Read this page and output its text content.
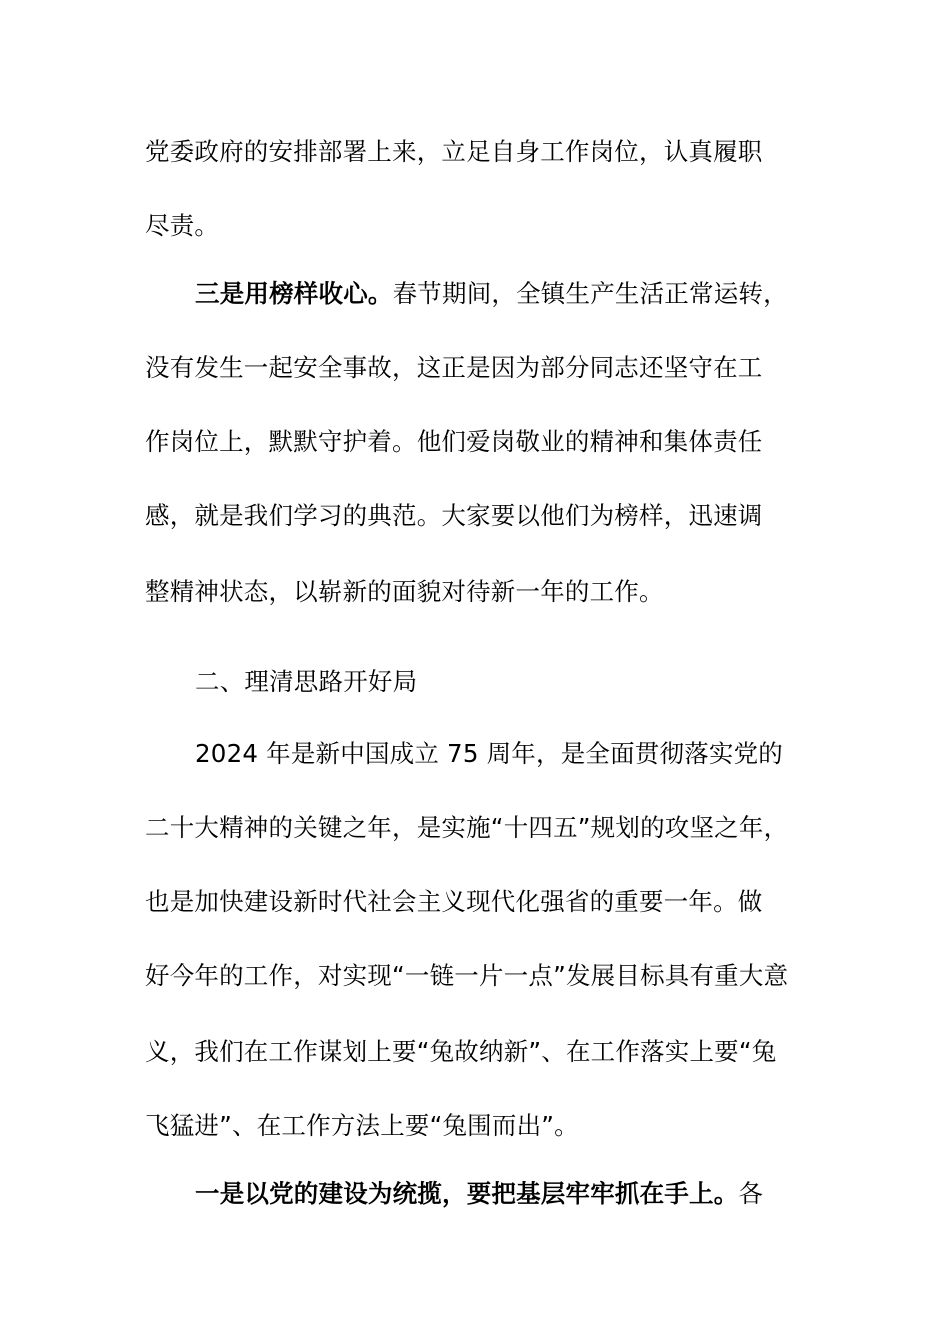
党委政府的安排部署上来，立足自身工作岗位，认真履职
尽责。
三是用榜样收心。春节期间，全镇生产生活正常运转，
没有发生一起安全事故，这正是因为部分同志还坚守在工
作岗位上，默默守护着。他们爱岗敬业的精神和集体责任
感，就是我们学习的典范。大家要以他们为榜样，迅速调
整精神状态，以崭新的面貌对待新一年的工作。
二、理清思路开好局
2024 年是新中国成立 75 周年，是全面贯彻落实党的
二十大精神的关键之年，是实施“十四五”规划的攻坚之年，
也是加快建设新时代社会主义现代化强省的重要一年。做
好今年的工作，对实现“一链一片一点”发展目标具有重大意
义，我们在工作谋划上要“兔故纳新”、在工作落实上要“兔
飞猛进”、在工作方法上要“兔围而出”。
一是以党的建设为统揽，要把基层牢牢抓在手上。各
